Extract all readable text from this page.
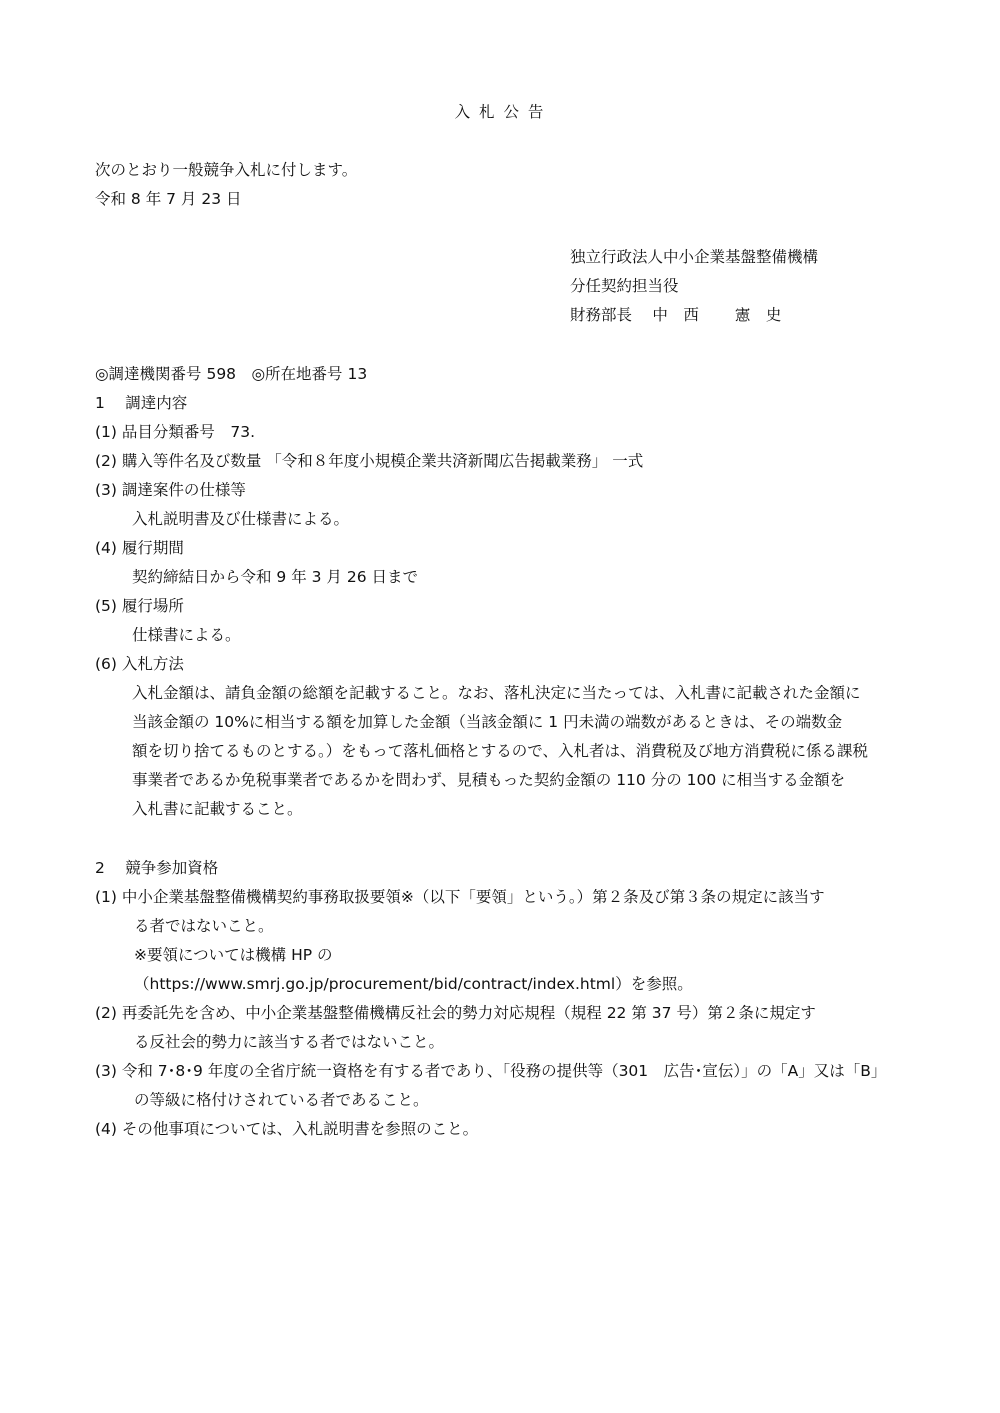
入 札 公 告
次のとおり一般競争入札に付します。
令和 8 年 7 月 23 日
独立行政法人中小企業基盤整備機構
分任契約担当役
財務部長　 中　西　　 憲　史
◎調達機関番号 598　◎所在地番号 13
1　 調達内容
(1) 品目分類番号　73.
(2) 購入等件名及び数量 「令和８年度小規模企業共済新聞広告掲載業務」 一式
(3) 調達案件の仕様等
入札説明書及び仕様書による。
(4) 履行期間
契約締結日から令和 9 年 3 月 26 日まで
(5) 履行場所
仕様書による。
(6) 入札方法
入札金額は、請負金額の総額を記載すること。なお、落札決定に当たっては、入札書に記載された金額に
当該金額の 10%に相当する額を加算した金額（当該金額に 1 円未満の端数があるときは、その端数金
額を切り捨てるものとする。）をもって落札価格とするので、入札者は、消費税及び地方消費税に係る課税
事業者であるか免税事業者であるかを問わず、見積もった契約金額の 110 分の 100 に相当する金額を
入札書に記載すること。
2　 競争参加資格
(1) 中小企業基盤整備機構契約事務取扱要領※（以下「要領」という。）第２条及び第３条の規定に該当す
る者ではないこと。
※要領については機構 HP の
（https://www.smrj.go.jp/procurement/bid/contract/index.html）を参照。
(2) 再委託先を含め、中小企業基盤整備機構反社会的勢力対応規程（規程 22 第 37 号）第２条に規定す
る反社会的勢力に該当する者ではないこと。
(3) 令和 7･8･9 年度の全省庁統一資格を有する者であり、「役務の提供等（301　広告･宣伝）」の「A」又は「B」
の等級に格付けされている者であること。
(4) その他事項については、入札説明書を参照のこと。
